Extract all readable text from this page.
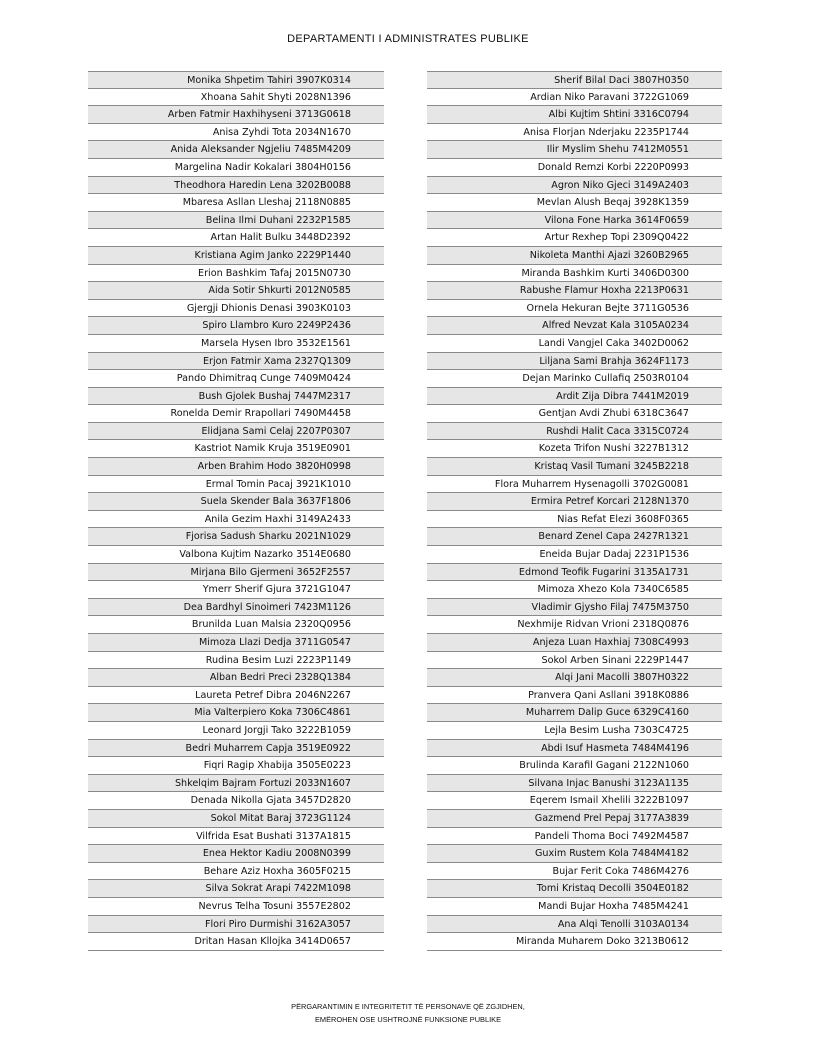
DEPARTAMENTI I ADMINISTRATES PUBLIKE
Monika Shpetim Tahiri 3907K0314
Xhoana Sahit Shyti 2028N1396
Arben Fatmir Haxhihyseni 3713G0618
Anisa Zyhdi Tota 2034N1670
Anida Aleksander Ngjeliu 7485M4209
Margelina Nadir Kokalari 3804H0156
Theodhora Haredin Lena 3202B0088
Mbaresa Asllan Lleshaj 2118N0885
Belina Ilmi Duhani 2232P1585
Artan Halit Bulku 3448D2392
Kristiana Agim Janko 2229P1440
Erion Bashkim Tafaj 2015N0730
Aida Sotir Shkurti 2012N0585
Gjergji Dhionis Denasi 3903K0103
Spiro Llambro Kuro 2249P2436
Marsela Hysen Ibro 3532E1561
Erjon Fatmir Xama 2327Q1309
Pando Dhimitraq Cunge 7409M0424
Bush Gjolek Bushaj 7447M2317
Ronelda Demir Rrapollari 7490M4458
Elidjana Sami Celaj 2207P0307
Kastriot Namik Kruja 3519E0901
Arben Brahim Hodo 3820H0998
Ermal Tomin Pacaj 3921K1010
Suela Skender Bala 3637F1806
Anila Gezim Haxhi 3149A2433
Fjorisa Sadush Sharku 2021N1029
Valbona Kujtim Nazarko 3514E0680
Mirjana Bilo Gjermeni 3652F2557
Ymerr Sherif Gjura 3721G1047
Dea Bardhyl Sinoimeri 7423M1126
Brunilda Luan Malsia 2320Q0956
Mimoza Llazi Dedja 3711G0547
Rudina Besim Luzi 2223P1149
Alban Bedri Preci 2328Q1384
Laureta Petref Dibra 2046N2267
Mia Valterpiero Koka 7306C4861
Leonard Jorgji Tako 3222B1059
Bedri Muharrem Capja 3519E0922
Fiqri Ragip Xhabija 3505E0223
Shkelqim Bajram Fortuzi 2033N1607
Denada Nikolla Gjata 3457D2820
Sokol Mitat Baraj 3723G1124
Vilfrida Esat Bushati 3137A1815
Enea Hektor Kadiu 2008N0399
Behare Aziz Hoxha 3605F0215
Silva Sokrat Arapi 7422M1098
Nevrus Telha Tosuni 3557E2802
Flori Piro Durmishi 3162A3057
Dritan Hasan Kllojka 3414D0657
Sherif Bilal Daci 3807H0350
Ardian Niko Paravani 3722G1069
Albi Kujtim Shtini 3316C0794
Anisa Florjan Nderjaku 2235P1744
Ilir Myslim Shehu 7412M0551
Donald Remzi Korbi 2220P0993
Agron Niko Gjeci 3149A2403
Mevlan Alush Beqaj 3928K1359
Vilona Fone Harka 3614F0659
Artur Rexhep Topi 2309Q0422
Nikoleta Manthi Ajazi 3260B2965
Miranda Bashkim Kurti 3406D0300
Rabushe Flamur Hoxha 2213P0631
Ornela Hekuran Bejte 3711G0536
Alfred Nevzat Kala 3105A0234
Landi Vangjel Caka 3402D0062
Liljana Sami Brahja 3624F1173
Dejan Marinko Cullafiq 2503R0104
Ardit Zija Dibra 7441M2019
Gentjan Avdi Zhubi 6318C3647
Rushdi Halit Caca 3315C0724
Kozeta Trifon Nushi 3227B1312
Kristaq Vasil Tumani 3245B2218
Flora Muharrem Hysenagolli 3702G0081
Ermira Petref Korcari 2128N1370
Nias Refat Elezi 3608F0365
Benard Zenel Capa 2427R1321
Eneida Bujar Dadaj 2231P1536
Edmond Teofik Fugarini 3135A1731
Mimoza Xhezo Kola 7340C6585
Vladimir Gjysho Filaj 7475M3750
Nexhmije Ridvan Vrioni 2318Q0876
Anjeza Luan Haxhiaj 7308C4993
Sokol Arben Sinani 2229P1447
Alqi Jani Macolli 3807H0322
Pranvera Qani Asllani 3918K0886
Muharrem Dalip Guce 6329C4160
Lejla Besim Lusha 7303C4725
Abdi Isuf Hasmeta 7484M4196
Brulinda Karafil Gagani 2122N1060
Silvana Injac Banushi 3123A1135
Eqerem Ismail Xhelili 3222B1097
Gazmend Prel Pepaj 3177A3839
Pandeli Thoma Boci 7492M4587
Guxim Rustem Kola 7484M4182
Bujar Ferit Coka 7486M4276
Tomi Kristaq Decolli 3504E0182
Mandi Bujar Hoxha 7485M4241
Ana Alqi Tenolli 3103A0134
Miranda Muharem Doko 3213B0612
PËRGARANTIMIN E INTEGRITETIT TË PERSONAVE QË ZGJIDHEN,
EMËROHEN OSE USHTROJNË FUNKSIONE PUBLIKE
